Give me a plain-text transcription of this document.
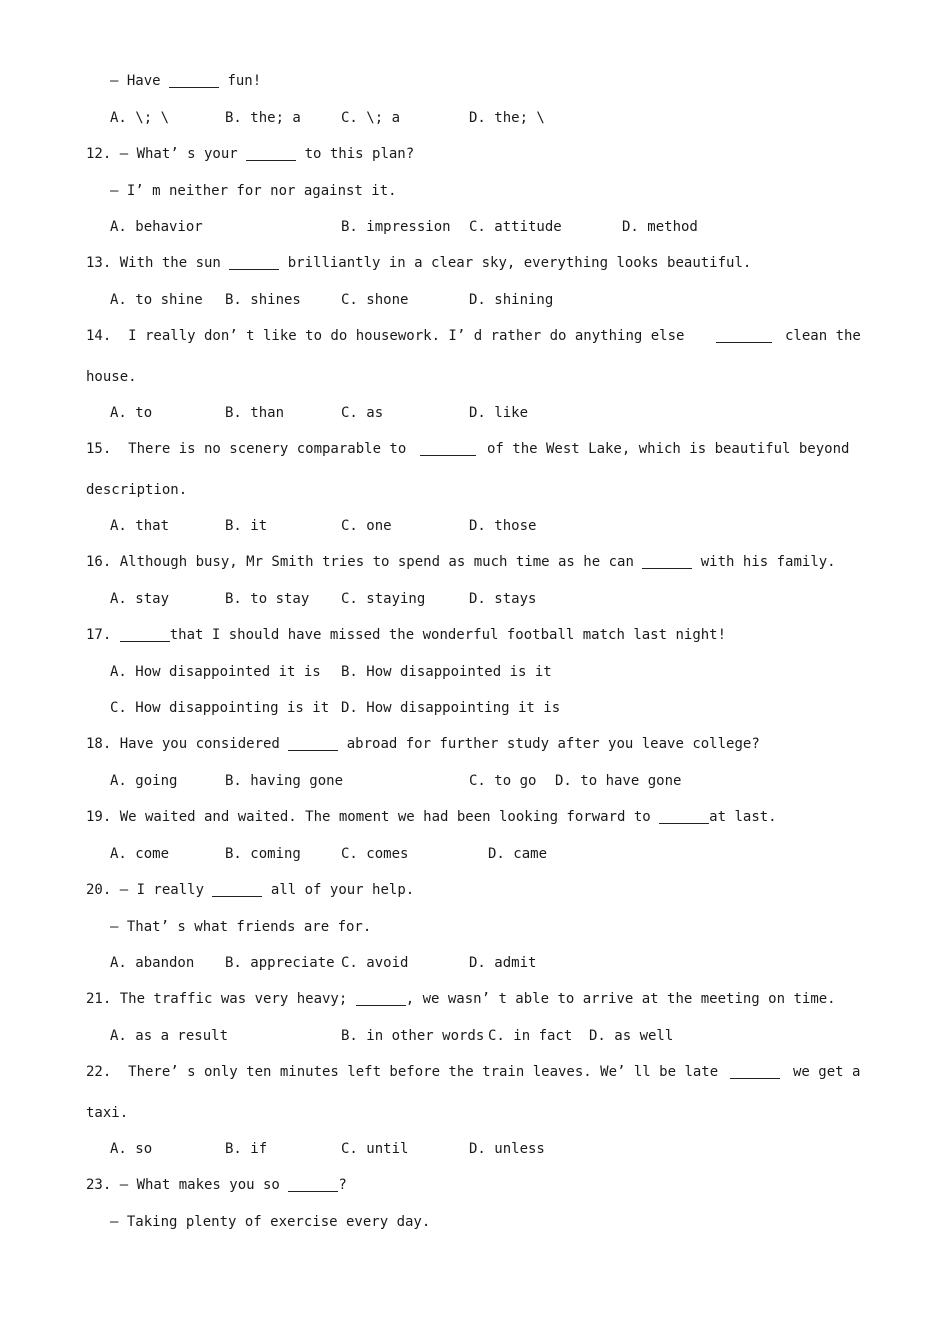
— Have	fun!
A. \; \	B. the; a	C. \; a	D. the; \
12. — What’ s your	to this plan?
— I’ m neither for nor against it.
A. behavior	B. impression C. attitude	D. method
13. With the sun	brilliantly in a clear sky, everything looks beautiful.
A. to shine B. shines	C. shone	D. shining
14.  I really don’ t like to do housework. I’ d rather do anything else	clean the
house.
A. to	B. than	C. as	D. like
15.  There is no scenery comparable to	of the West Lake, which is beautiful beyond
description.
A. that	B. it	C. one	D. those
16. Although busy, Mr Smith tries to spend as much time as he can	with his family.
A. stay	B. to stay C. staying	D. stays
17.	that I should have missed the wonderful football match last night!
A. How disappointed it is B. How disappointed is it
C. How disappointing is it D. How disappointing it is
18. Have you considered	abroad for further study after you leave college?
A. going	B. having gone	C. to go D. to have gone
19. We waited and waited. The moment we had been looking forward to	at last.
A. come	B. coming	C. comes	D. came
20. — I really	all of your help.
— That’ s what friends are for.
A. abandon B. appreciate C. avoid	D. admit
21. The traffic was very heavy;	, we wasn’ t able to arrive at the meeting on time.
A. as a result	B. in other words C. in fact D. as well
22.  There’ s only ten minutes left before the train leaves. We’ ll be late	we get a
taxi.
A. so	B. if	C. until	D. unless
23. — What makes you so	?
— Taking plenty of exercise every day.
